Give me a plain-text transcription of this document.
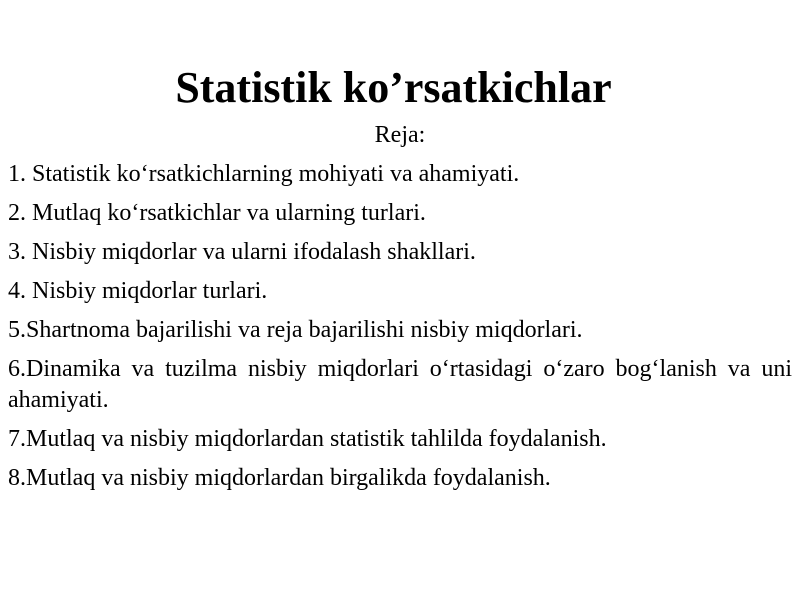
Statistik ko’rsatkichlar

Reja:

1. Statistik ko‘rsatkichlarning mohiyati va ahamiyati.
2. Mutlaq ko‘rsatkichlar va ularning turlari.
3. Nisbiy miqdorlar va ularni ifodalash shakllari.
4. Nisbiy miqdorlar turlari.
5.Shartnoma bajarilishi va reja bajarilishi nisbiy miqdorlari.
6.Dinamika va tuzilma nisbiy miqdorlari o‘rtasidagi o‘zaro bog‘lanish va uni ahamiyati.
7.Mutlaq va nisbiy miqdorlardan statistik tahlilda foydalanish.
8.Mutlaq va nisbiy miqdorlardan birgalikda foydalanish.
